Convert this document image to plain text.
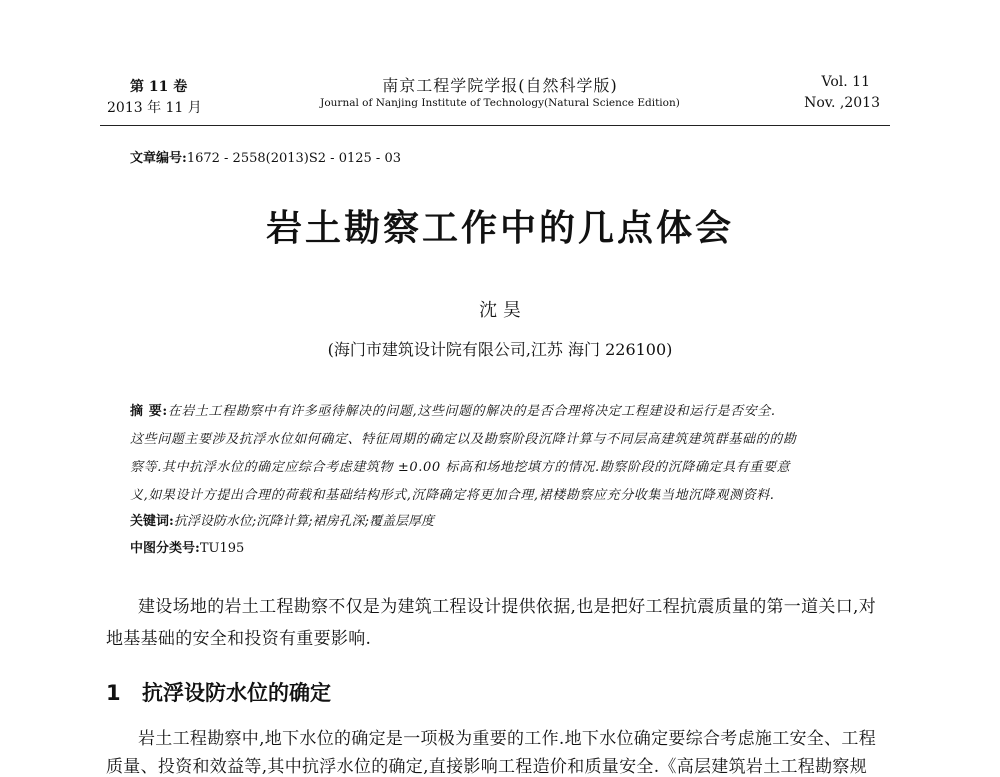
第 11 卷
2013 年 11 月
南京工程学院学报(自然科学版)
Journal of Nanjing Institute of Technology(Natural Science Edition)
Vol. 11
Nov. ,2013
文章编号:1672 - 2558(2013)S2 - 0125 - 03
岩土勘察工作中的几点体会
沈 昊
(海门市建筑设计院有限公司,江苏 海门 226100)
摘 要:在岩土工程勘察中有许多亟待解决的问题,这些问题的解决的是否合理将决定工程建设和运行是否安全.
这些问题主要涉及抗浮水位如何确定、特征周期的确定以及勘察阶段沉降计算与不同层高建筑建筑群基础的的勘
察等.其中抗浮水位的确定应综合考虑建筑物 ±0.00 标高和场地挖填方的情况.勘察阶段的沉降确定具有重要意
义,如果设计方提出合理的荷载和基础结构形式,沉降确定将更加合理,裙楼勘察应充分收集当地沉降观测资料.
关键词:抗浮设防水位;沉降计算;裙房孔深;覆盖层厚度
中图分类号:TU195
建设场地的岩土工程勘察不仅是为建筑工程设计提供依据,也是把好工程抗震质量的第一道关口,对
地基基础的安全和投资有重要影响.
1 抗浮设防水位的确定
岩土工程勘察中,地下水位的确定是一项极为重要的工作.地下水位确定要综合考虑施工安全、工程
质量、投资和效益等,其中抗浮水位的确定,直接影响工程造价和质量安全.《高层建筑岩土工程勘察规
